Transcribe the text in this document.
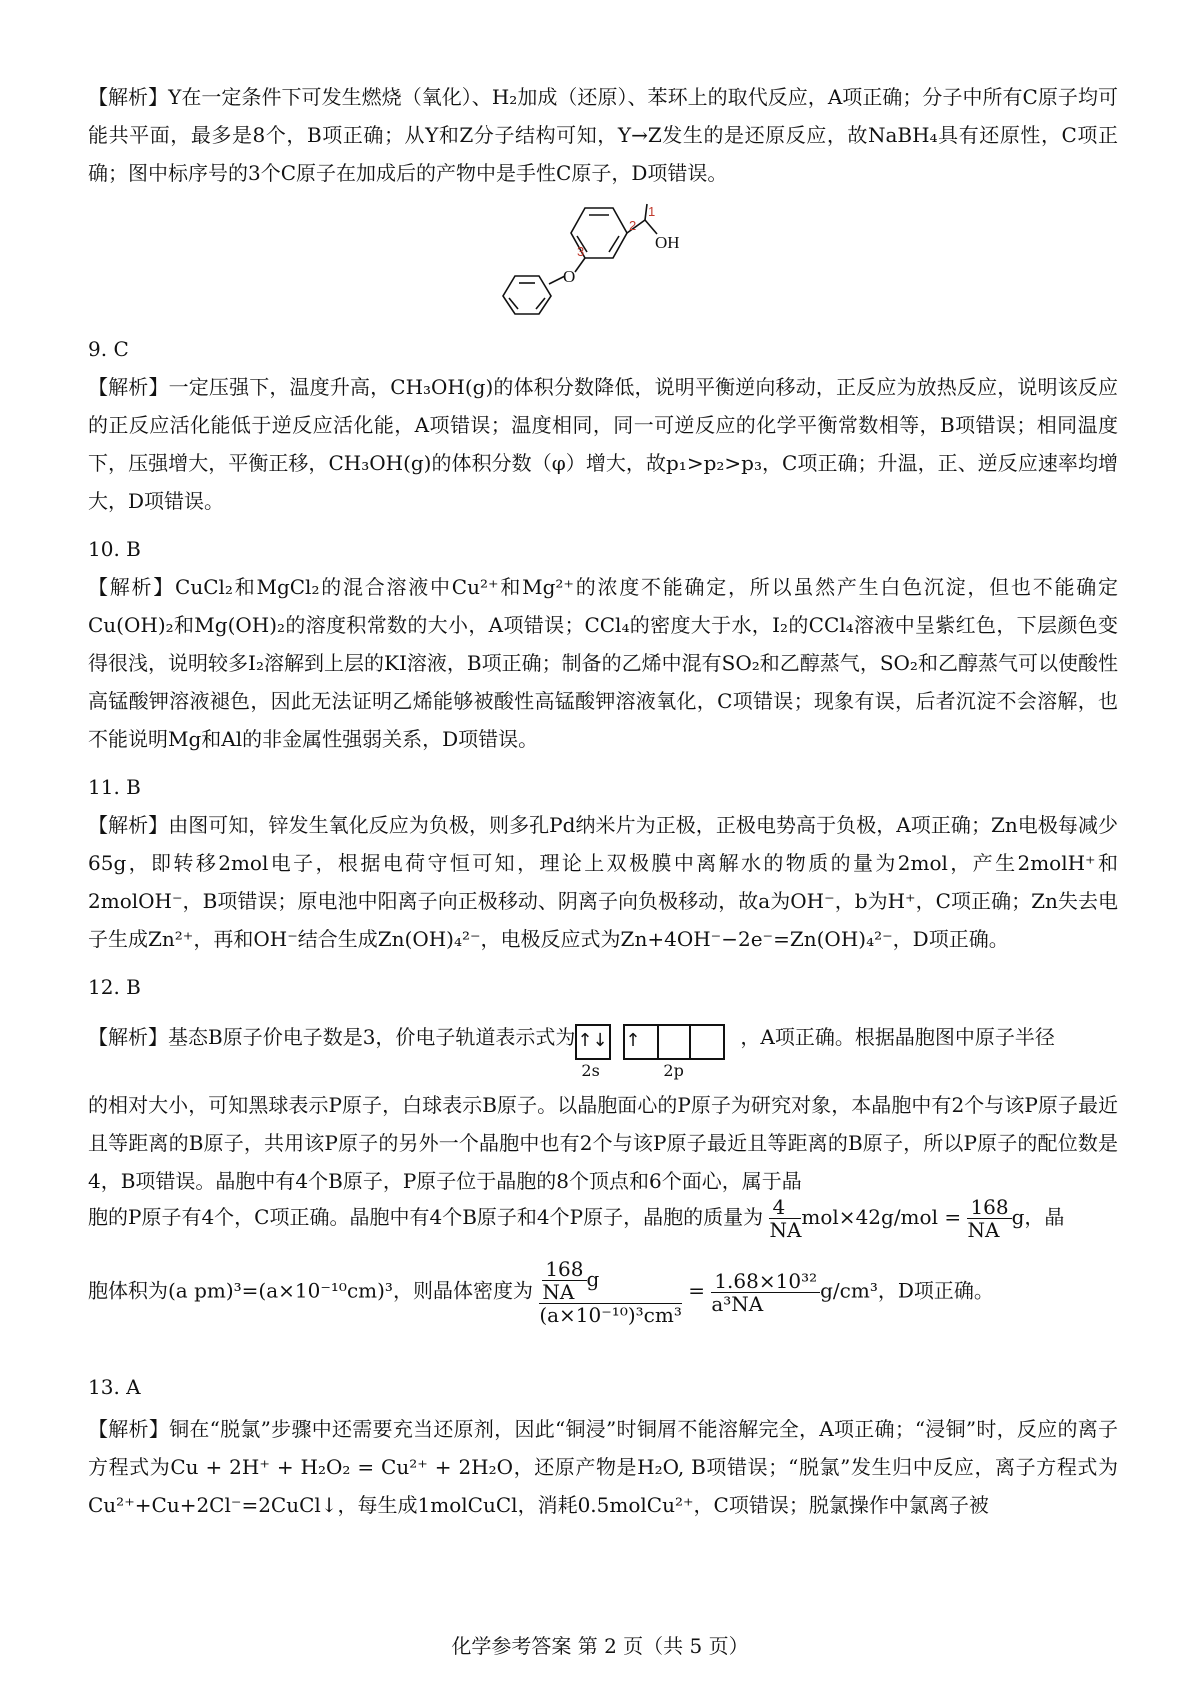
【解析】Y在一定条件下可发生燃烧（氧化）、H₂加成（还原）、苯环上的取代反应，A项正确；分子中所有C原子均可能共平面，最多是8个，B项正确；从Y和Z分子结构可知，Y→Z发生的是还原反应，故NaBH₄具有还原性，C项正确；图中标序号的3个C原子在加成后的产物中是手性C原子，D项错误。

2
1
OH
3
O
9. C

【解析】一定压强下，温度升高，CH₃OH(g)的体积分数降低，说明平衡逆向移动，正反应为放热反应，说明该反应的正反应活化能低于逆反应活化能，A项错误；温度相同，同一可逆反应的化学平衡常数相等，B项错误；相同温度下，压强增大，平衡正移，CH₃OH(g)的体积分数（φ）增大，故p₁>p₂>p₃，C项正确；升温，正、逆反应速率均增大，D项错误。

10. B

【解析】CuCl₂和MgCl₂的混合溶液中Cu²⁺和Mg²⁺的浓度不能确定，所以虽然产生白色沉淀，但也不能确定Cu(OH)₂和Mg(OH)₂的溶度积常数的大小，A项错误；CCl₄的密度大于水，I₂的CCl₄溶液中呈紫红色，下层颜色变得很浅，说明较多I₂溶解到上层的KI溶液，B项正确；制备的乙烯中混有SO₂和乙醇蒸气，SO₂和乙醇蒸气可以使酸性高锰酸钾溶液褪色，因此无法证明乙烯能够被酸性高锰酸钾溶液氧化，C项错误；现象有误，后者沉淀不会溶解，也不能说明Mg和Al的非金属性强弱关系，D项错误。

11. B

【解析】由图可知，锌发生氧化反应为负极，则多孔Pd纳米片为正极，正极电势高于负极，A项正确；Zn电极每减少65g，即转移2mol电子，根据电荷守恒可知，理论上双极膜中离解水的物质的量为2mol，产生2molH⁺和2molOH⁻，B项错误；原电池中阳离子向正极移动、阴离子向负极移动，故a为OH⁻，b为H⁺，C项正确；Zn失去电子生成Zn²⁺，再和OH⁻结合生成Zn(OH)₄²⁻，电极反应式为Zn+4OH⁻−2e⁻=Zn(OH)₄²⁻，D项正确。

12. B
【解析】基态B原子价电子数是3，价电子轨道表示式为 ↑↓ ↑
2s	2p
，A项正确。根据晶胞图中原子半径

的相对大小，可知黑球表示P原子，白球表示B原子。以晶胞面心的P原子为研究对象，本晶胞中有2个与该P原子最近且等距离的B原子，共用该P原子的另外一个晶胞中也有2个与该P原子最近且等距离的B原子，所以P原子的配位数是4，B项错误。晶胞中有4个B原子，P原子位于晶胞的8个顶点和6个面心，属于晶

胞的P原子有4个，C项正确。晶胞中有4个B原子和4个P原子，晶胞的质量为 $\frac{4}{NA} mol\times 42g/mol = \frac{168}{NA}$ g，晶
胞体积为(a pm)³=(a×10⁻¹⁰cm)³，则晶体密度为 $\frac{\frac{168}{NA} g}{\text{(a×10⁻¹⁰)³cm³}} = \frac{\text{1.68×10³²}}{\text{a³NA}} g/cm^3$，D项正确。
13. A

【解析】铜在“脱氯”步骤中还需要充当还原剂，因此“铜浸”时铜屑不能溶解完全，A项正确；“浸铜”时，反应的离子方程式为Cu + 2H⁺ + H₂O₂ = Cu²⁺ + 2H₂O，还原产物是H₂O, B项错误；“脱氯”发生归中反应，离子方程式为Cu²⁺+Cu+2Cl⁻=2CuCl↓，每生成1molCuCl，消耗0.5molCu²⁺，C项错误；脱氯操作中氯离子被

化学参考答案 第 2 页（共 5 页）
